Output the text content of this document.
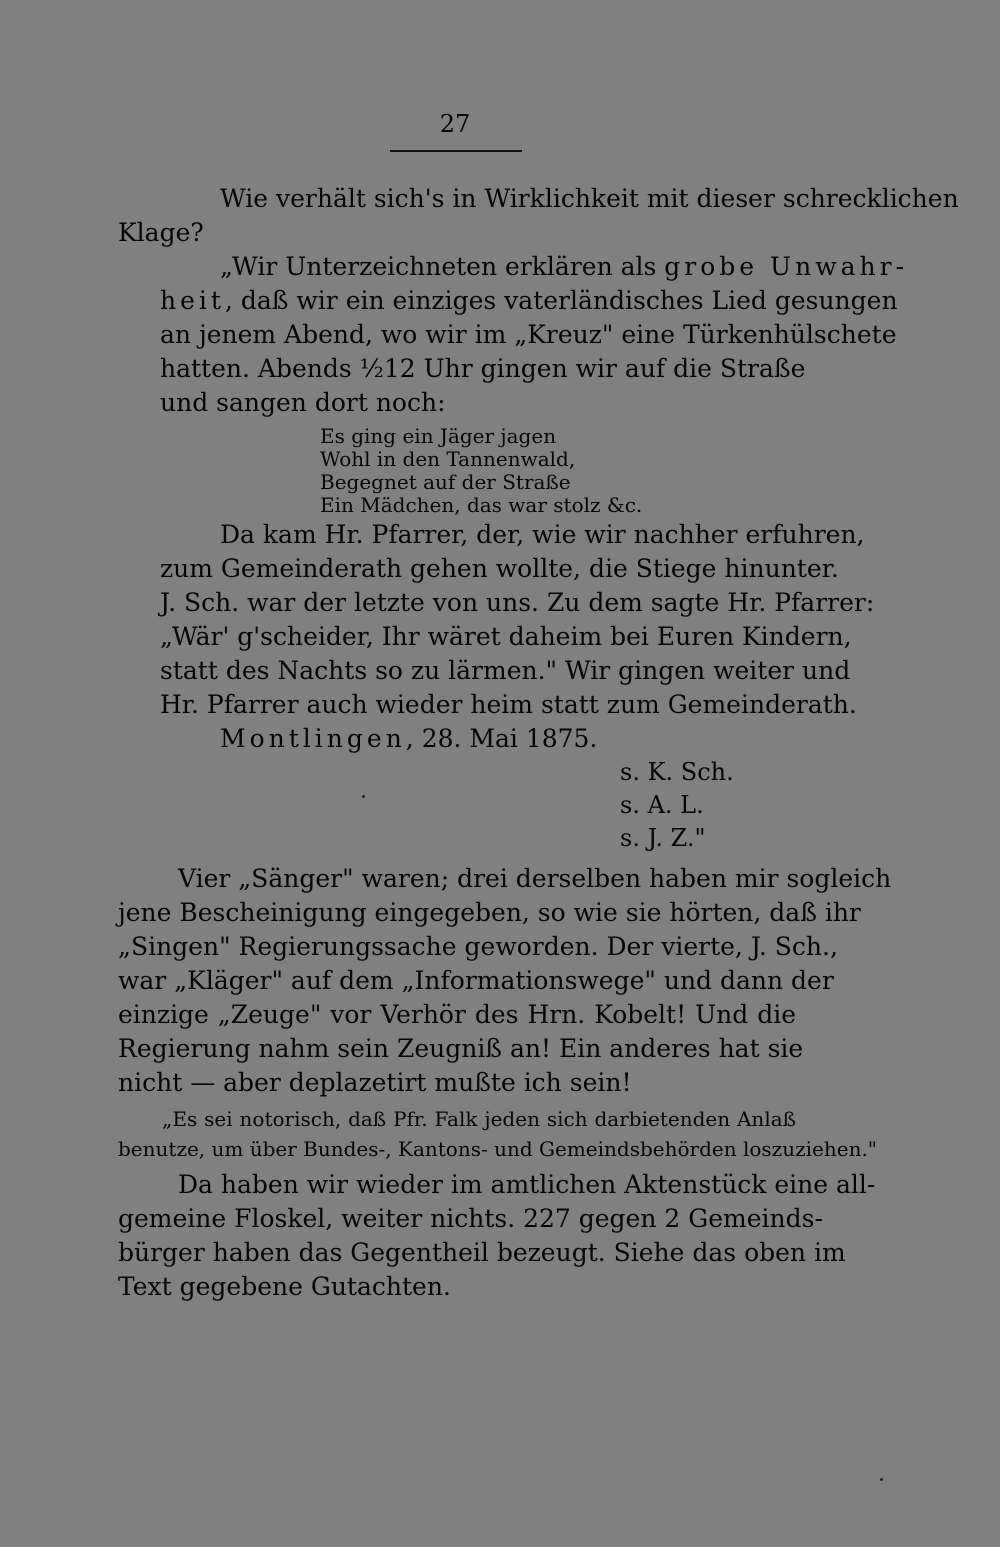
27
Wie verhält sich's in Wirklichkeit mit dieser schrecklichen
Klage?
„Wir Unterzeichneten erklären als grobe Unwahr-
heit, daß wir ein einziges vaterländisches Lied gesungen
an jenem Abend, wo wir im „Kreuz" eine Türkenhülschete
hatten. Abends ½12 Uhr gingen wir auf die Straße
und sangen dort noch:
Es ging ein Jäger jagen
Wohl in den Tannenwald,
Begegnet auf der Straße
Ein Mädchen, das war stolz &c.
Da kam Hr. Pfarrer, der, wie wir nachher erfuhren,
zum Gemeinderath gehen wollte, die Stiege hinunter.
J. Sch. war der letzte von uns. Zu dem sagte Hr. Pfarrer:
„Wär' g'scheider, Ihr wäret daheim bei Euren Kindern,
statt des Nachts so zu lärmen." Wir gingen weiter und
Hr. Pfarrer auch wieder heim statt zum Gemeinderath.
Montlingen, 28. Mai 1875.
s. K. Sch.
s. A. L.
s. J. Z."
Vier „Sänger" waren; drei derselben haben mir sogleich
jene Bescheinigung eingegeben, so wie sie hörten, daß ihr
„Singen" Regierungssache geworden. Der vierte, J. Sch.,
war „Kläger" auf dem „Informationswege" und dann der
einzige „Zeuge" vor Verhör des Hrn. Kobelt! Und die
Regierung nahm sein Zeugniß an! Ein anderes hat sie
nicht — aber deplazetirt mußte ich sein!
„Es sei notorisch, daß Pfr. Falk jeden sich darbietenden Anlaß
benutze, um über Bundes-, Kantons- und Gemeindsbehörden loszuziehen."
Da haben wir wieder im amtlichen Aktenstück eine all-
gemeine Floskel, weiter nichts. 227 gegen 2 Gemeinds-
bürger haben das Gegentheil bezeugt. Siehe das oben im
Text gegebene Gutachten.
